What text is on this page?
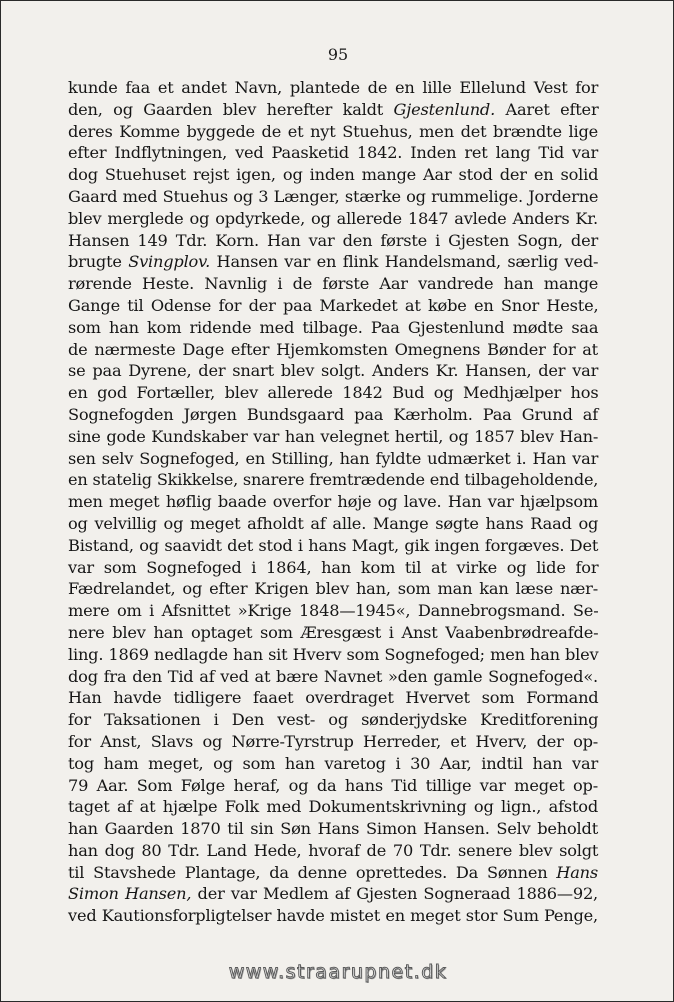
95
kunde faa et andet Navn, plantede de en lille Ellelund Vest for
den, og Gaarden blev herefter kaldt Gjestenlund. Aaret efter
deres Komme byggede de et nyt Stuehus, men det brændte lige
efter Indflytningen, ved Paasketid 1842. Inden ret lang Tid var
dog Stuehuset rejst igen, og inden mange Aar stod der en solid
Gaard med Stuehus og 3 Længer, stærke og rummelige. Jorderne
blev merglede og opdyrkede, og allerede 1847 avlede Anders Kr.
Hansen 149 Tdr. Korn. Han var den første i Gjesten Sogn, der
brugte Svingplov. Hansen var en flink Handelsmand, særlig ved-
rørende Heste. Navnlig i de første Aar vandrede han mange
Gange til Odense for der paa Markedet at købe en Snor Heste,
som han kom ridende med tilbage. Paa Gjestenlund mødte saa
de nærmeste Dage efter Hjemkomsten Omegnens Bønder for at
se paa Dyrene, der snart blev solgt. Anders Kr. Hansen, der var
en god Fortæller, blev allerede 1842 Bud og Medhjælper hos
Sognefogden Jørgen Bundsgaard paa Kærholm. Paa Grund af
sine gode Kundskaber var han velegnet hertil, og 1857 blev Han-
sen selv Sognefoged, en Stilling, han fyldte udmærket i. Han var
en statelig Skikkelse, snarere fremtrædende end tilbageholdende,
men meget høflig baade overfor høje og lave. Han var hjælpsom
og velvillig og meget afholdt af alle. Mange søgte hans Raad og
Bistand, og saavidt det stod i hans Magt, gik ingen forgæves. Det
var som Sognefoged i 1864, han kom til at virke og lide for
Fædrelandet, og efter Krigen blev han, som man kan læse nær-
mere om i Afsnittet »Krige 1848—1945«, Dannebrogsmand. Se-
nere blev han optaget som Æresgæst i Anst Vaabenbrødreafde-
ling. 1869 nedlagde han sit Hverv som Sognefoged; men han blev
dog fra den Tid af ved at bære Navnet »den gamle Sognefoged«.
Han havde tidligere faaet overdraget Hvervet som Formand
for Taksationen i Den vest- og sønderjydske Kreditforening
for Anst, Slavs og Nørre-Tyrstrup Herreder, et Hverv, der op-
tog ham meget, og som han varetog i 30 Aar, indtil han var
79 Aar. Som Følge heraf, og da hans Tid tillige var meget op-
taget af at hjælpe Folk med Dokumentskrivning og lign., afstod
han Gaarden 1870 til sin Søn Hans Simon Hansen. Selv beholdt
han dog 80 Tdr. Land Hede, hvoraf de 70 Tdr. senere blev solgt
til Stavshede Plantage, da denne oprettedes. Da Sønnen Hans
Simon Hansen, der var Medlem af Gjesten Sogneraad 1886—92,
ved Kautionsforpligtelser havde mistet en meget stor Sum Penge,
www.straarupnet.dk
